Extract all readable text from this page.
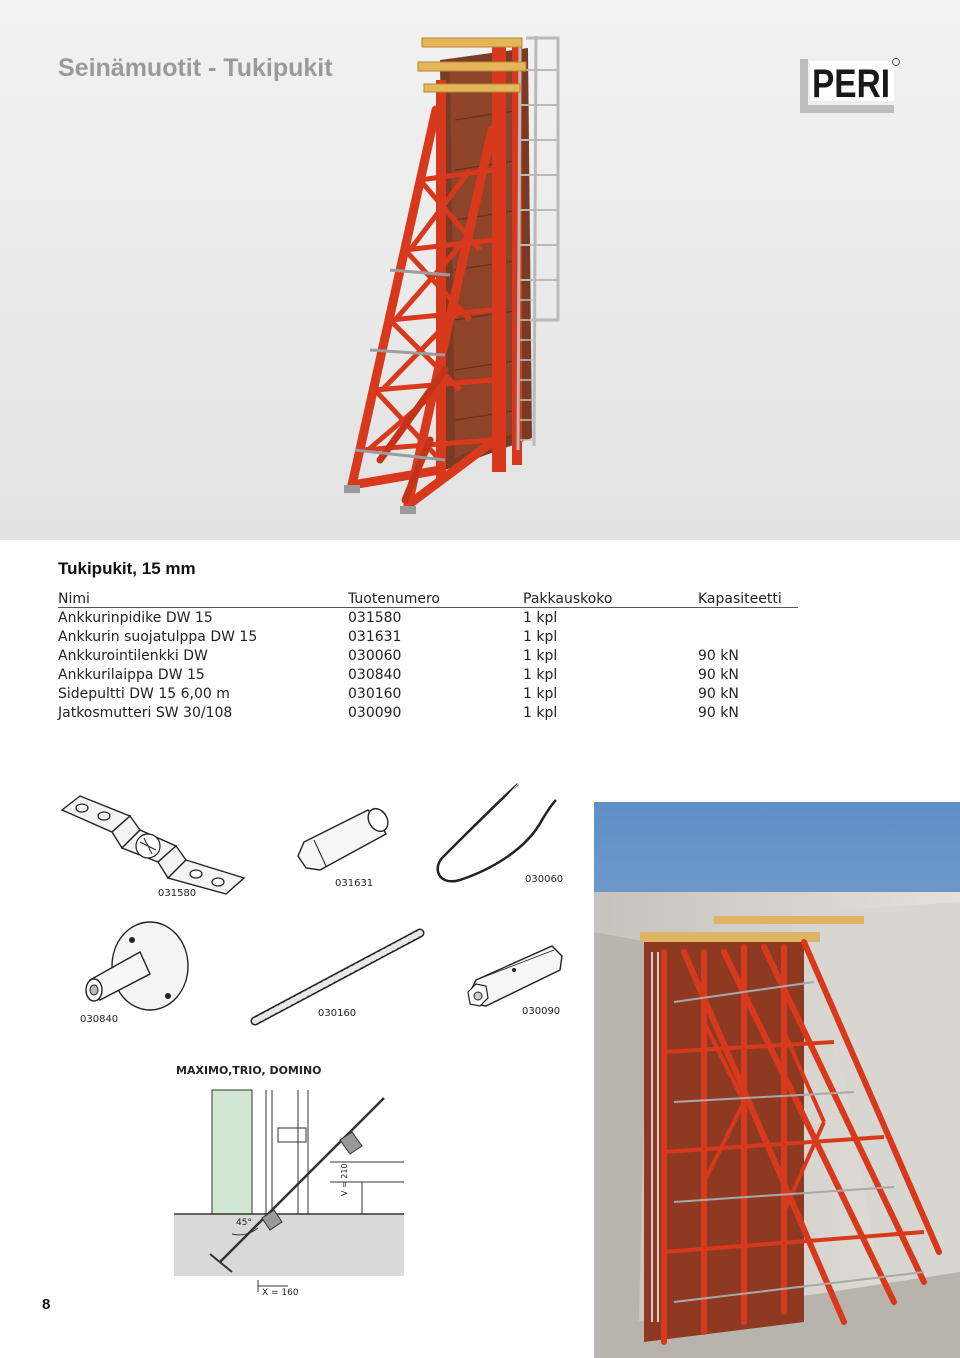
Seinämuotit - Tukipukit	PERI
Tukipukit, 15 mm
Nimi	Tuotenumero	Pakkauskoko	Kapasiteetti
Ankkurinpidike DW 15	031580	1 kpl	
Ankkurin suojatulppa DW 15	031631	1 kpl	
Ankkurointilenkki DW	030060	1 kpl	90 kN
Ankkurilaippa DW 15	030840	1 kpl	90 kN
Sidepultti DW 15 6,00 m	030160	1 kpl	90 kN
Jatkosmutteri SW 30/108	030090	1 kpl	90 kN
031580
031631	030060
030840
030160	030090
MAXIMO,TRIO, DOMINO
45°
X = 160
V = 210
8
